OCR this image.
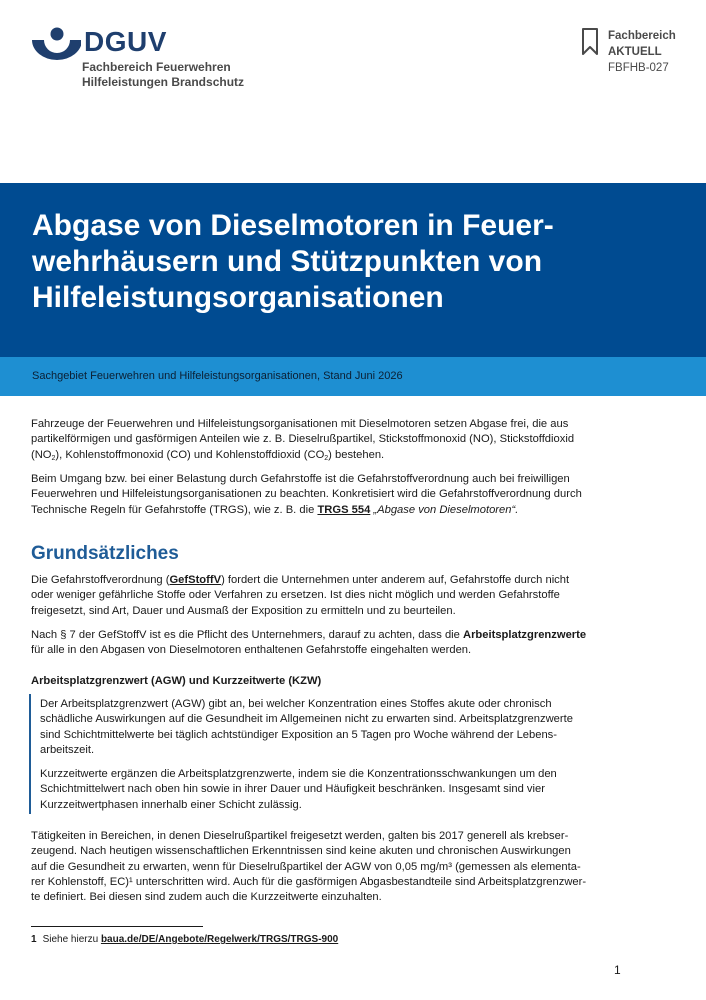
DGUV
Fachbereich Feuerwehren
Hilfeleistungen Brandschutz
Fachbereich
AKTUELL
FBFHB-027
Abgase von Dieselmotoren in Feuer-
wehrhäusern und Stützpunkten von
Hilfeleistungsorganisationen
Sachgebiet Feuerwehren und Hilfeleistungsorganisationen, Stand Juni 2026
Fahrzeuge der Feuerwehren und Hilfeleistungsorganisationen mit Dieselmotoren setzen Abgase frei, die aus
partikelförmigen und gasförmigen Anteilen wie z. B. Dieselrußpartikel, Stickstoffmonoxid (NO), Stickstoffdioxid
$(NO_2)$, Kohlenstoffmonoxid (CO) und Kohlenstoffdioxid $(CO_2)$ bestehen.
Beim Umgang bzw. bei einer Belastung durch Gefahrstoffe ist die Gefahrstoffverordnung auch bei freiwilligen
Feuerwehren und Hilfeleistungsorganisationen zu beachten. Konkretisiert wird die Gefahrstoffverordnung durch
Technische Regeln für Gefahrstoffe (TRGS), wie z. B. die TRGS 554 „Abgase von Dieselmotoren“.
Grundsätzliches
Die Gefahrstoffverordnung (GefStoffV) fordert die Unternehmen unter anderem auf, Gefahrstoffe durch nicht
oder weniger gefährliche Stoffe oder Verfahren zu ersetzen. Ist dies nicht möglich und werden Gefahrstoffe
freigesetzt, sind Art, Dauer und Ausmaß der Exposition zu ermitteln und zu beurteilen.
Nach § 7 der GefStoffV ist es die Pflicht des Unternehmers, darauf zu achten, dass die Arbeitsplatzgrenzwerte
für alle in den Abgasen von Dieselmotoren enthaltenen Gefahrstoffe eingehalten werden.
Arbeitsplatzgrenzwert (AGW) und Kurzzeitwerte (KZW)
Der Arbeitsplatzgrenzwert (AGW) gibt an, bei welcher Konzentration eines Stoffes akute oder chronisch
schädliche Auswirkungen auf die Gesundheit im Allgemeinen nicht zu erwarten sind. Arbeitsplatzgrenzwerte
sind Schichtmittelwerte bei täglich achtstündiger Exposition an 5 Tagen pro Woche während der Lebens-
arbeitszeit.
Kurzzeitwerte ergänzen die Arbeitsplatzgrenzwerte, indem sie die Konzentrationsschwankungen um den
Schichtmittelwert nach oben hin sowie in ihrer Dauer und Häufigkeit beschränken. Insgesamt sind vier
Kurzzeitwertphasen innerhalb einer Schicht zulässig.
Tätigkeiten in Bereichen, in denen Dieselrußpartikel freigesetzt werden, galten bis 2017 generell als krebser-
zeugend. Nach heutigen wissenschaftlichen Erkenntnissen sind keine akuten und chronischen Auswirkungen
auf die Gesundheit zu erwarten, wenn für Dieselrußpartikel der AGW von 0,05 mg/m³ (gemessen als elementa-
rer Kohlenstoff, EC)¹ unterschritten wird. Auch für die gasförmigen Abgasbestandteile sind Arbeitsplatzgrenzwer-
te definiert. Bei diesen sind zudem auch die Kurzzeitwerte einzuhalten.
1 Siehe hierzu baua.de/DE/Angebote/Regelwerk/TRGS/TRGS-900
1
